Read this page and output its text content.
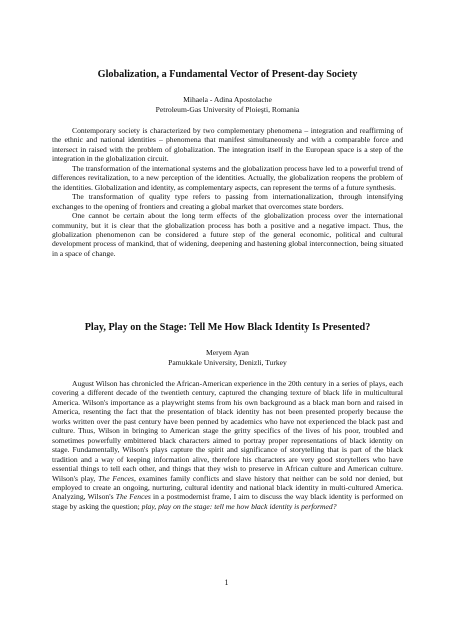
Globalization, a Fundamental Vector of Present-day Society
Mihaela - Adina Apostolache
Petroleum-Gas University of Ploieşti, Romania

Contemporary society is characterized by two complementary phenomena – integration and reaffirming of the ethnic and national identities – phenomena that manifest simultaneously and with a comparable force and intersect in raised with the problem of globalization. The integration itself in the European space is a step of the integration in the globalization circuit.

The transformation of the international systems and the globalization process have led to a powerful trend of differences revitalization, to a new perception of the identities. Actually, the globalization reopens the problem of the identities. Globalization and identity, as complementary aspects, can represent the terms of a future synthesis.

The transformation of quality type refers to passing from internationalization, through intensifying exchanges to the opening of frontiers and creating a global market that overcomes state borders.

One cannot be certain about the long term effects of the globalization process over the international community, but it is clear that the globalization process has both a positive and a negative impact. Thus, the globalization phenomenon can be considered a future step of the general economic, political and cultural development process of mankind, that of widening, deepening and hastening global interconnection, being situated in a space of change.

Play, Play on the Stage: Tell Me How Black Identity Is Presented?
Meryem Ayan
Pamukkale University, Denizli, Turkey

August Wilson has chronicled the African-American experience in the 20th century in a series of plays, each covering a different decade of the twentieth century, captured the changing texture of black life in multicultural America. Wilson's importance as a playwright stems from his own background as a black man born and raised in America, resenting the fact that the presentation of black identity has not been presented properly because the works written over the past century have been penned by academics who have not experienced the black past and culture. Thus, Wilson in bringing to American stage the gritty specifics of the lives of his poor, troubled and sometimes powerfully embittered black characters aimed to portray proper representations of black identity on stage. Fundamentally, Wilson's plays capture the spirit and significance of storytelling that is part of the black tradition and a way of keeping information alive, therefore his characters are very good storytellers who have essential things to tell each other, and things that they wish to preserve in African culture and American culture. Wilson's play, The Fences, examines family conflicts and slave history that neither can be sold nor denied, but employed to create an ongoing, nurturing, cultural identity and national black identity in multi-cultured America. Analyzing, Wilson's The Fences in a postmodernist frame, I aim to discuss the way black identity is performed on stage by asking the question; play, play on the stage: tell me how black identity is performed?

1
